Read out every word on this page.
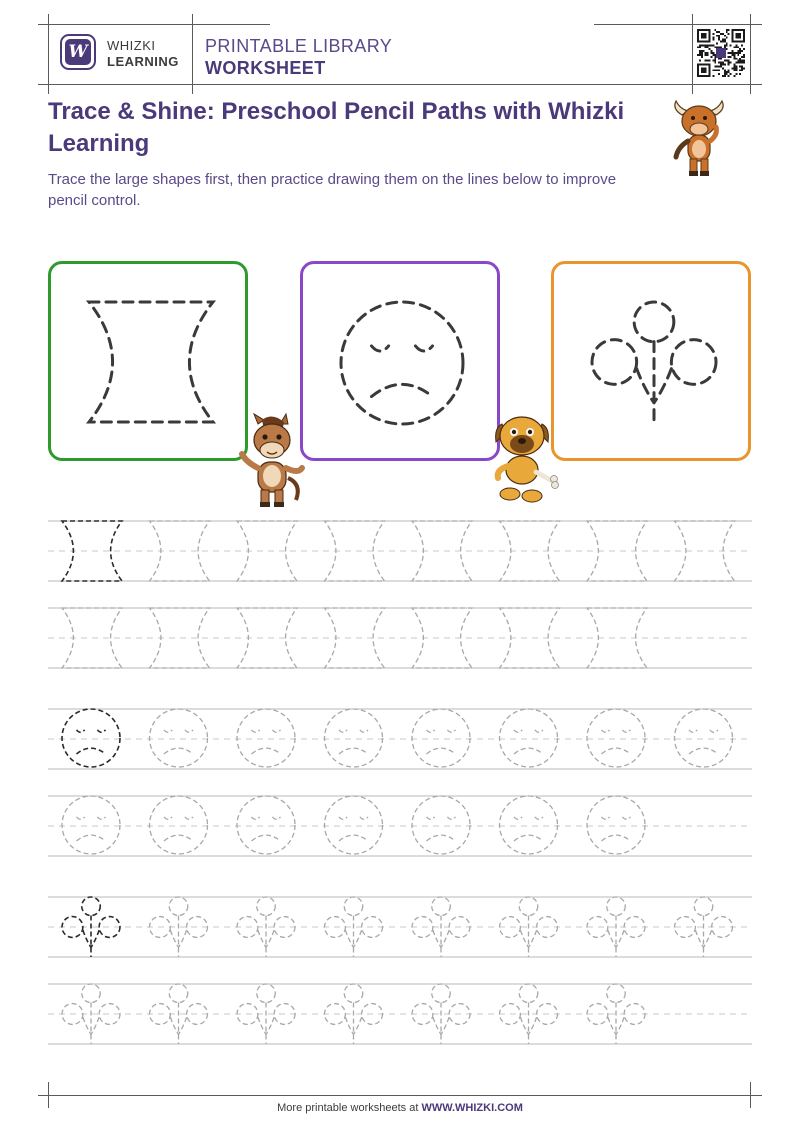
W WHIZKI
LEARNING
PRINTABLE LIBRARY
WORKSHEET
Trace & Shine: Preschool Pencil Paths with Whizki Learning
Trace the large shapes first, then practice drawing them on the lines below to improve pencil control.
More printable worksheets at WWW.WHIZKI.COM
